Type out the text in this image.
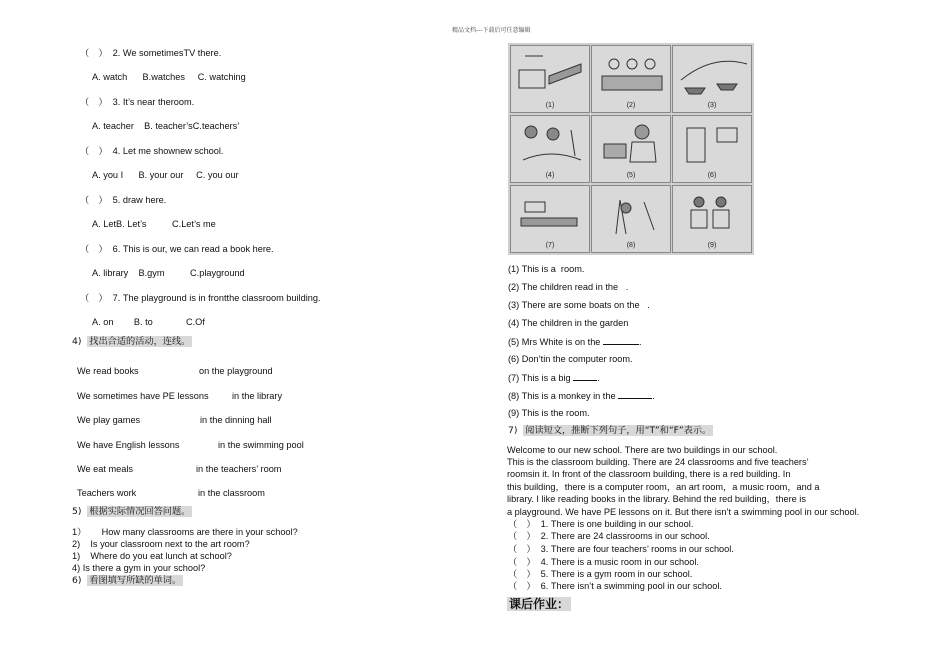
精品文档---下载后可任意编辑
（　）  2. We sometimesTV there.
A. watch      B.watches     C. watching
（　）  3. It’s near theroom.
A. teacher    B. teacher’sC.teachers’
（　）  4. Let me shownew school.
A. you I      B. your our     C. you our
（　）  5. draw here.
A. LetB. Let’s          C.Let’s me
（　）  6. This is our, we can read a book here.
A. library    B.gym          C.playground
（　）  7. The playground is in frontthe classroom building.
A. on        B. to             C.Of
4)  找出合适的活动，连线。
We read books	on the playground
We sometimes have PE lessons	in the library
We play games	in the dinning hall
We have English lessons	in the swimming pool
We eat meals	in the teachers’ room
Teachers work	in the classroom
5)  根据实际情况回答问题。
1）      How many classrooms are there in your school?
2)    Is your classroom next to the art room?
1)    Where do you eat lunch at school?
4) Is there a gym in your school?
6)  看图填写所缺的单词。
(1)	(2)	(3)
(4)	(5)	(6)
(7)	(8)	(9)
(1) This is a  room.
(2) The children read in the   .
(3) There are some boats on the   .
(4) The children in the garden
(5) Mrs White is on the	.
(6) Don’tin the computer room.
(7) This is a big	.
(8) This is a monkey in the	.
(9) This is the room.
7)  阅读短文，推断下列句子，用“T”和“F”表示。
Welcome to our new school. There are two buildings in our school.
This is the classroom building. There are 24 classrooms and five teachers’
roomsin it. In front of the classroom building, there is a red building. In
this building，there is a computer room，an art room，a music room，and a
library. I like reading books in the library. Behind the red building，there is
a playground. We have PE lessons on it. But there isn’t a swimming pool in our school.
（　）  1. There is one building in our school.
（　）  2. There are 24 classrooms in our school.
（　）  3. There are four teachers’ rooms in our school.
（　）  4. There is a music room in our school.
（　）  5. There is a gym room in our school.
（　）  6. There isn’t a swimming pool in our school.
课后作业：
